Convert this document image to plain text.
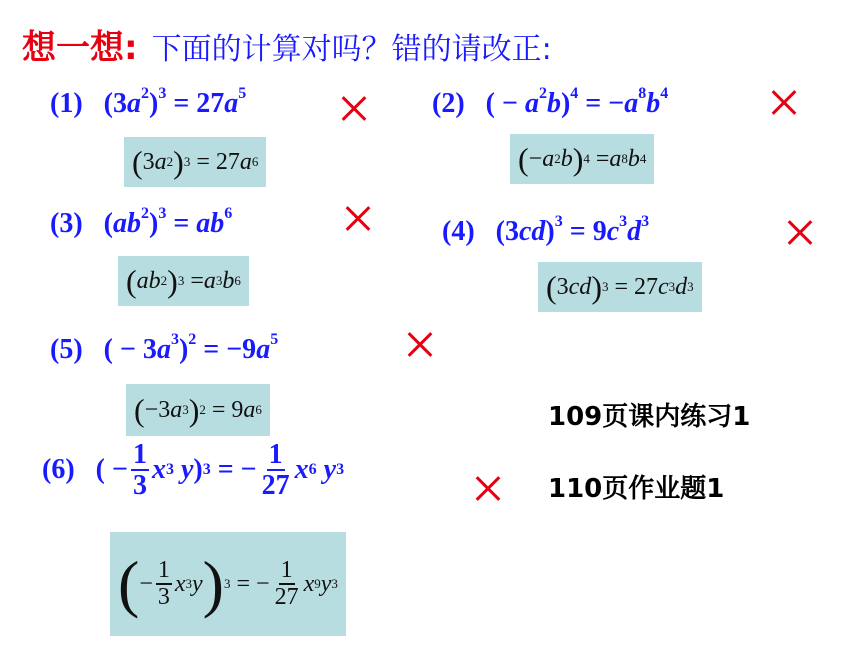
想一想: 下面的计算对吗？错的请改正:
(1)   $(3a^2)^3 = 27a^5$
( 3 a 2 ) 3 = 27 a 6
(2)   ( − $a^2b)^4 = -a^8b^4$
( − a 2 b ) 4 = a 8 b 4
(3)   $(ab^2)^3 = ab^6$
( ab 2 ) 3 = a 3 b 6
(4)   $(3cd)^3 = 9c^3d^3$
( 3 cd ) 3 = 27 c 3 d 3
(5)   ( − $3a^3)^2 = -9a^5$
( −3 a 3 ) 2 = 9 a 6
(6) ( − $\frac{1}{3}$ x 3
y ) 3 = − $\frac{1}{27}$ x 6
y 3
( − $\frac{1}{3}$ x 3 y ) 3 = − $\frac{1}{27}$ x 9 y 3
109页课内练习1
110页作业题1
